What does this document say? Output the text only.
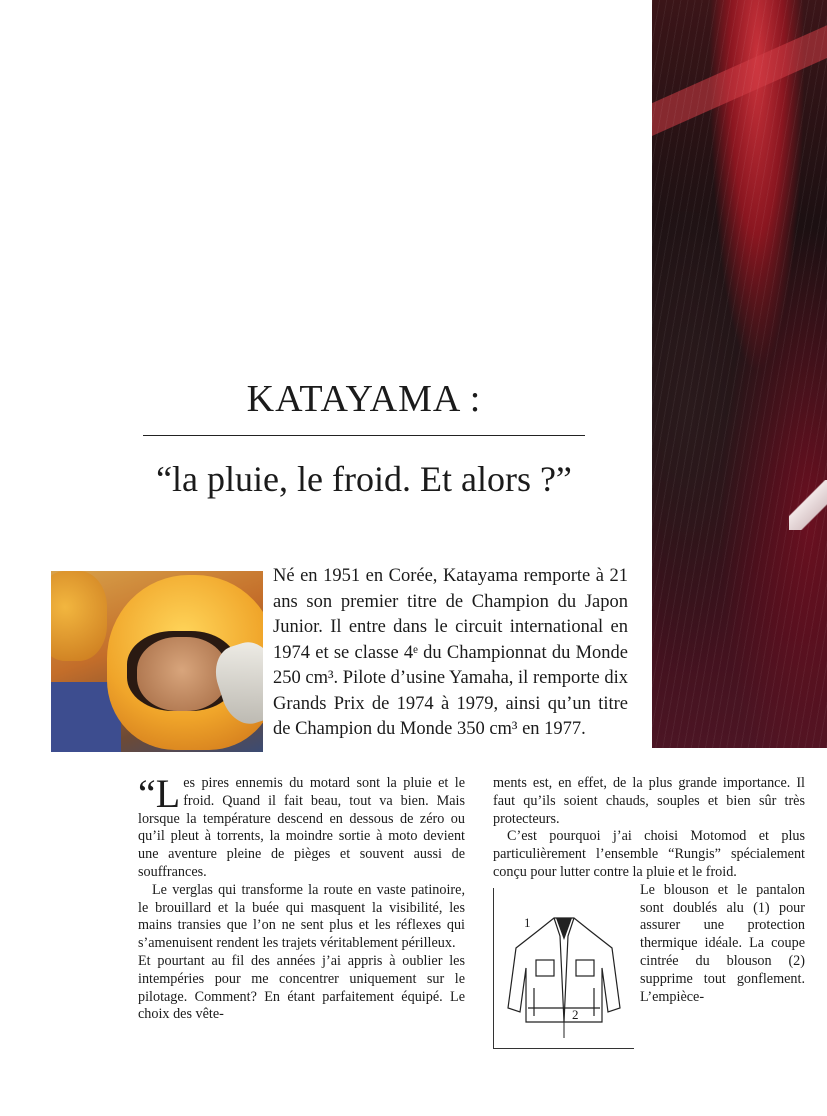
KATAYAMA :
“la pluie, le froid. Et alors ?”

Né en 1951 en Corée, Katayama remporte à 21 ans son premier titre de Champion du Japon Junior. Il entre dans le circuit international en 1974 et se classe 4ᵉ du Championnat du Monde 250 cm³. Pilote d’usine Yamaha, il remporte dix Grands Prix de 1974 à 1979, ainsi qu’un titre de Champion du Monde 350 cm³ en 1977.

“Les pires ennemis du motard sont la pluie et le froid. Quand il fait beau, tout va bien. Mais lorsque la température descend en dessous de zéro ou qu’il pleut à torrents, la moindre sortie à moto devient une aventure pleine de pièges et souvent aussi de souffrances.

Le verglas qui transforme la route en vaste patinoire, le brouillard et la buée qui masquent la visibilité, les mains transies que l’on ne sent plus et les réflexes qui s’amenuisent rendent les trajets véritablement périlleux.

Et pourtant au fil des années j’ai appris à oublier les intempéries pour me concentrer uniquement sur le pilotage. Comment? En étant parfaitement équipé. Le choix des vête-

ments est, en effet, de la plus grande importance. Il faut qu’ils soient chauds, souples et bien sûr très protecteurs.

C’est pourquoi j’ai choisi Motomod et plus particulièrement l’ensemble “Rungis” spécialement conçu pour lutter contre la pluie et le froid.

1
2

Le blouson et le pantalon sont doublés alu (1) pour assurer une protection thermique idéale. La coupe cintrée du blouson (2) supprime tout gonflement. L’empièce-
